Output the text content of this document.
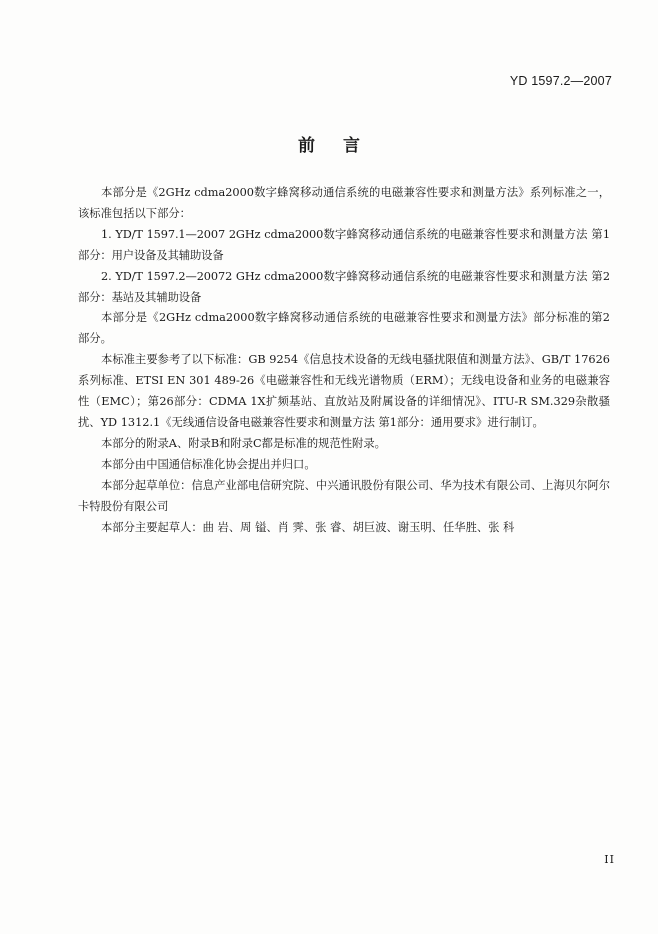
YD 1597.2—2007
前言

本部分是《2GHz cdma2000数字蜂窝移动通信系统的电磁兼容性要求和测量方法》系列标准之一，该标准包括以下部分：

1. YD/T 1597.1—2007 2GHz cdma2000数字蜂窝移动通信系统的电磁兼容性要求和测量方法 第1部分：用户设备及其辅助设备

2. YD/T 1597.2—20072 GHz cdma2000数字蜂窝移动通信系统的电磁兼容性要求和测量方法 第2部分：基站及其辅助设备

本部分是《2GHz cdma2000数字蜂窝移动通信系统的电磁兼容性要求和测量方法》部分标准的第2部分。

本标准主要参考了以下标准：GB 9254《信息技术设备的无线电骚扰限值和测量方法》、GB/T 17626系列标准、ETSI EN 301 489-26《电磁兼容性和无线光谱物质（ERM）；无线电设备和业务的电磁兼容性（EMC）；第26部分：CDMA 1X扩频基站、直放站及附属设备的详细情况》、ITU-R SM.329杂散骚扰、YD 1312.1《无线通信设备电磁兼容性要求和测量方法 第1部分：通用要求》进行制订。

本部分的附录A、附录B和附录C都是标准的规范性附录。

本部分由中国通信标准化协会提出并归口。

本部分起草单位：信息产业部电信研究院、中兴通讯股份有限公司、华为技术有限公司、上海贝尔阿尔卡特股份有限公司

本部分主要起草人：曲 岩、周 镒、肖 霁、张 睿、胡巨波、谢玉明、任华胜、张 科

II
